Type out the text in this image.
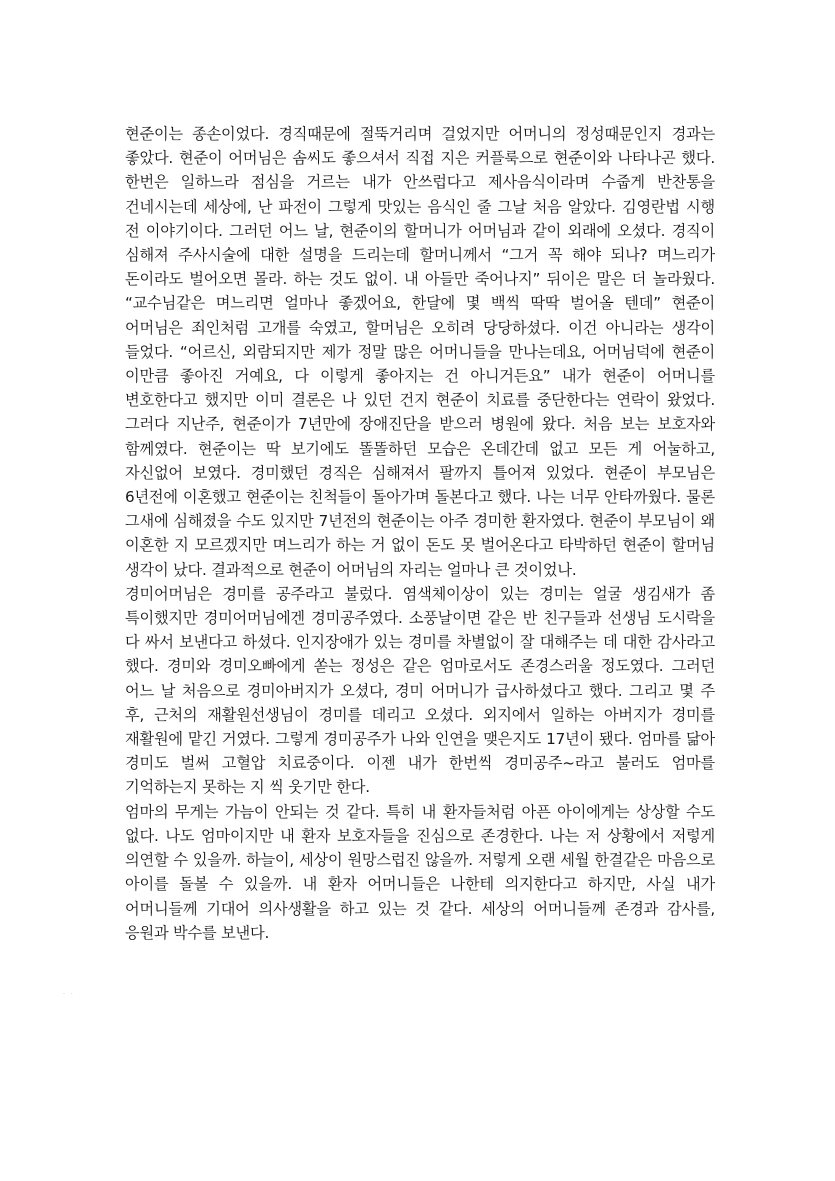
현준이는 종손이었다. 경직때문에 절뚝거리며 걸었지만 어머니의 정성때문인지 경과는 좋았다. 현준이 어머님은 솜씨도 좋으셔서 직접 지은 커플룩으로 현준이와 나타나곤 했다. 한번은 일하느라 점심을 거르는 내가 안쓰럽다고 제사음식이라며 수줍게 반찬통을 건네시는데 세상에, 난 파전이 그렇게 맛있는 음식인 줄 그날 처음 알았다. 김영란법 시행 전 이야기이다. 그러던 어느 날, 현준이의 할머니가 어머님과 같이 외래에 오셨다. 경직이 심해져 주사시술에 대한 설명을 드리는데 할머니께서 “그거 꼭 해야 되나? 며느리가 돈이라도 벌어오면 몰라. 하는 것도 없이. 내 아들만 죽어나지” 뒤이은 말은 더 놀라웠다. “교수님같은 며느리면 얼마나 좋겠어요, 한달에 몇 백씩 딱딱 벌어올 텐데” 현준이 어머님은 죄인처럼 고개를 숙였고, 할머님은 오히려 당당하셨다. 이건 아니라는 생각이 들었다. “어르신, 외람되지만 제가 정말 많은 어머니들을 만나는데요, 어머님덕에 현준이 이만큼 좋아진 거예요, 다 이렇게 좋아지는 건 아니거든요” 내가 현준이 어머니를 변호한다고 했지만 이미 결론은 나 있던 건지 현준이 치료를 중단한다는 연락이 왔었다. 그러다 지난주, 현준이가 7년만에 장애진단을 받으러 병원에 왔다. 처음 보는 보호자와 함께였다. 현준이는 딱 보기에도 똘똘하던 모습은 온데간데 없고 모든 게 어눌하고, 자신없어 보였다. 경미했던 경직은 심해져서 팔까지 틀어져 있었다. 현준이 부모님은 6년전에 이혼했고 현준이는 친척들이 돌아가며 돌본다고 했다. 나는 너무 안타까웠다. 물론 그새에 심해졌을 수도 있지만 7년전의 현준이는 아주 경미한 환자였다. 현준이 부모님이 왜 이혼한 지 모르겠지만 며느리가 하는 거 없이 돈도 못 벌어온다고 타박하던 현준이 할머님 생각이 났다. 결과적으로 현준이 어머님의 자리는 얼마나 큰 것이었나.

경미어머님은 경미를 공주라고 불렀다. 염색체이상이 있는 경미는 얼굴 생김새가 좀 특이했지만 경미어머님에겐 경미공주였다. 소풍날이면 같은 반 친구들과 선생님 도시락을 다 싸서 보낸다고 하셨다. 인지장애가 있는 경미를 차별없이 잘 대해주는 데 대한 감사라고 했다. 경미와 경미오빠에게 쏟는 정성은 같은 엄마로서도 존경스러울 정도였다. 그러던 어느 날 처음으로 경미아버지가 오셨다, 경미 어머니가 급사하셨다고 했다. 그리고 몇 주 후, 근처의 재활원선생님이 경미를 데리고 오셨다. 외지에서 일하는 아버지가 경미를 재활원에 맡긴 거였다. 그렇게 경미공주가 나와 인연을 맺은지도 17년이 됐다. 엄마를 닮아 경미도 벌써 고혈압 치료중이다. 이젠 내가 한번씩 경미공주~라고 불러도 엄마를 기억하는지 못하는 지 씩 웃기만 한다.

엄마의 무게는 가늠이 안되는 것 같다. 특히 내 환자들처럼 아픈 아이에게는 상상할 수도 없다. 나도 엄마이지만 내 환자 보호자들을 진심으로 존경한다. 나는 저 상황에서 저렇게 의연할 수 있을까. 하늘이, 세상이 원망스럽진 않을까. 저렇게 오랜 세월 한결같은 마음으로 아이를 돌볼 수 있을까. 내 환자 어머니들은 나한테 의지한다고 하지만, 사실 내가 어머니들께 기대어 의사생활을 하고 있는 것 같다. 세상의 어머니들께 존경과 감사를, 응원과 박수를 보낸다.

· ·
